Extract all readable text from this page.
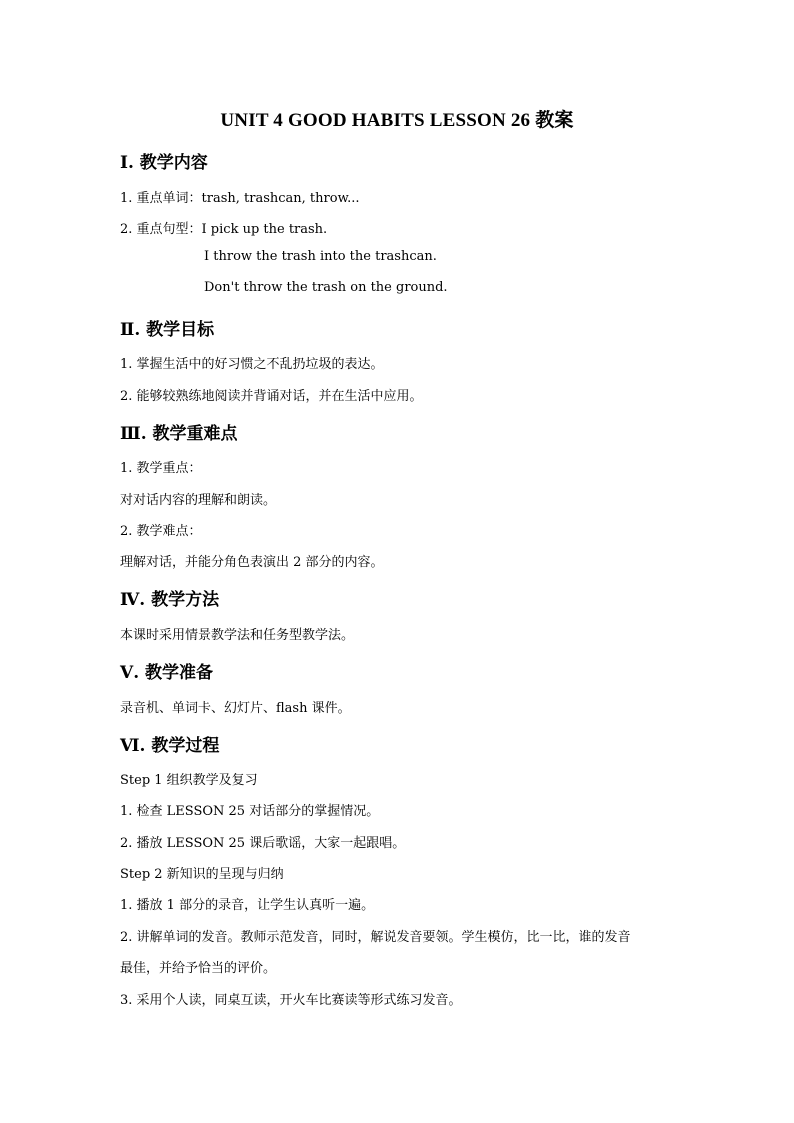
UNIT 4 GOOD HABITS LESSON 26 教案
Ⅰ. 教学内容
1. 重点单词：trash, trashcan, throw...
2. 重点句型：I pick up the trash.
I throw the trash into the trashcan.
Don't throw the trash on the ground.
Ⅱ. 教学目标
1. 掌握生活中的好习惯之不乱扔垃圾的表达。
2. 能够较熟练地阅读并背诵对话，并在生活中应用。
Ⅲ. 教学重难点
1. 教学重点：
对对话内容的理解和朗读。
2. 教学难点：
理解对话，并能分角色表演出 2 部分的内容。
Ⅳ. 教学方法
本课时采用情景教学法和任务型教学法。
Ⅴ. 教学准备
录音机、单词卡、幻灯片、flash 课件。
Ⅵ. 教学过程
Step 1 组织教学及复习
1. 检查 LESSON 25 对话部分的掌握情况。
2. 播放 LESSON 25 课后歌谣，大家一起跟唱。
Step 2 新知识的呈现与归纳
1. 播放 1 部分的录音，让学生认真听一遍。
2. 讲解单词的发音。教师示范发音，同时，解说发音要领。学生模仿，比一比，谁的发音
最佳，并给予恰当的评价。
3. 采用个人读，同桌互读，开火车比赛读等形式练习发音。
